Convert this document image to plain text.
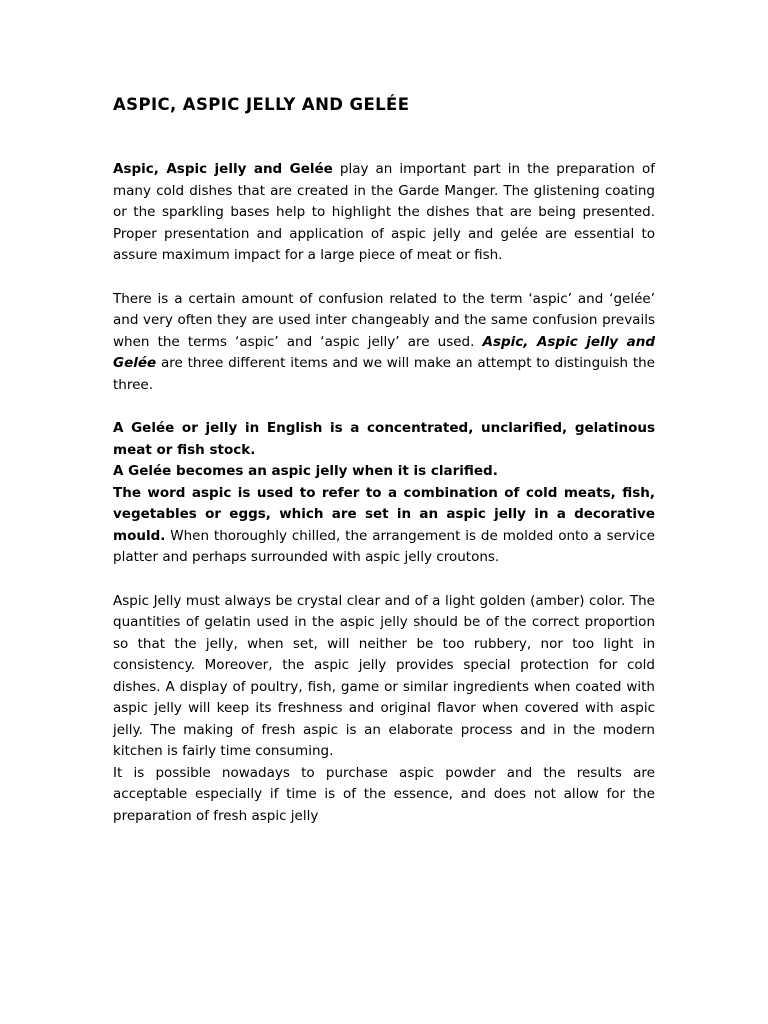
ASPIC, ASPIC JELLY AND GELÉE

Aspic, Aspic jelly and Gelée play an important part in the preparation of many cold dishes that are created in the Garde Manger. The glistening coating or the sparkling bases help to highlight the dishes that are being presented. Proper presentation and application of aspic jelly and gelée are essential to assure maximum impact for a large piece of meat or fish.

There is a certain amount of confusion related to the term ‘aspic’ and ‘gelée’ and very often they are used inter changeably and the same confusion prevails when the terms ‘aspic’ and ‘aspic jelly’ are used. Aspic, Aspic jelly and Gelée are three different items and we will make an attempt to distinguish the three.

A Gelée or jelly in English is a concentrated, unclarified, gelatinous meat or fish stock.
A Gelée becomes an aspic jelly when it is clarified.
The word aspic is used to refer to a combination of cold meats, fish, vegetables or eggs, which are set in an aspic jelly in a decorative mould. When thoroughly chilled, the arrangement is de molded onto a service platter and perhaps surrounded with aspic jelly croutons.

Aspic Jelly must always be crystal clear and of a light golden (amber) color. The quantities of gelatin used in the aspic jelly should be of the correct proportion so that the jelly, when set, will neither be too rubbery, nor too light in consistency. Moreover, the aspic jelly provides special protection for cold dishes. A display of poultry, fish, game or similar ingredients when coated with aspic jelly will keep its freshness and original flavor when covered with aspic jelly. The making of fresh aspic is an elaborate process and in the modern kitchen is fairly time consuming.
It is possible nowadays to purchase aspic powder and the results are acceptable especially if time is of the essence, and does not allow for the preparation of fresh aspic jelly
